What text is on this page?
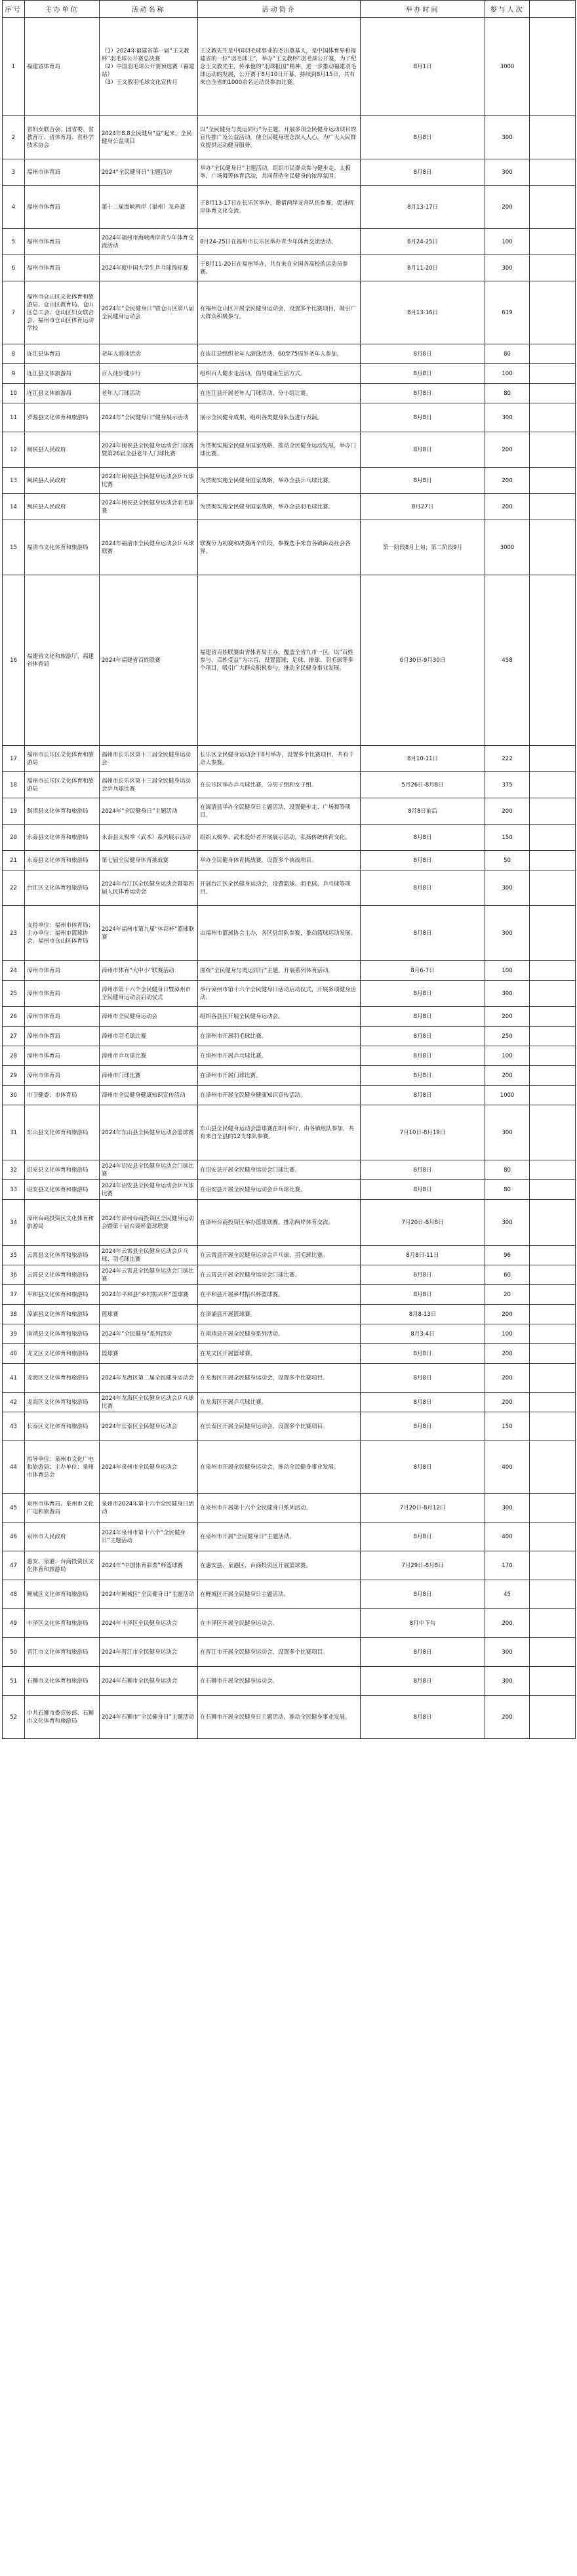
序号	主办单位	活动名称	活动简介	举办时间	参与人次	
1	福建省体育局	（1）2024年福建省第一届“王文教杯”羽毛球公开赛总决赛
（2）中国羽毛球公开赛预选赛（福建站）
（3）王文教羽毛球文化宣传月	王文教先生是中国羽毛球事业的杰出奠基人，是中国体育界和福建省的一位“羽毛球王”，举办“王文教杯”羽毛球公开赛，为了纪念王文教先生，传承他的“羽球报国”精神，进一步推动福建羽毛球运动的发展，公开赛于8月10日开幕，持续到8月15日，共有来自全省的1000余名运动员参加比赛。	8月1日	3000	
2	省妇女联合会、团省委、省教育厅、省体育局、省科学技术协会	2024年8.8全民健身“益”起来，全民健身公益项目	以“全民健身与奥运同行”为主题，开展多项全民健身运动项目的宣传推广及公益活动，使全民健身理念深入人心，为广大人民群众提供运动健身服务。	8月8日	300	
3	福州市体育局	2024“全民健身日”主题活动	举办“全民健身日”主题活动，组织市民群众参与健步走、太极拳、广场舞等体育活动，共同营造全民健身的浓厚氛围。	8月8日	300	
4	福州市体育局	第十二届海峡两岸（福州）龙舟赛	于8月13-17日在长乐区举办，邀请两岸龙舟队伍参赛，促进两岸体育文化交流。	8月13-17日	200	
5	福州市体育局	2024年福州市海峡两岸青少年体育交流活动	8月24-25日在福州市长乐区举办青少年体育交流活动。	8月24-25日	100	
6	福州市体育局	2024年度中国大学生乒乓球锦标赛	于8月11-20日在福州举办，共有来自全国各高校的运动员参赛。	8月11-20日	300	
7	福州市仓山区文化体育和旅游局、仓山区教育局、仓山区总工会、仓山区妇女联合会、福州市仓山区体育运动学校	2024年“全民健身日”暨仓山区第八届全民健身运动会	在福州仓山区开展全民健身运动会，设置多个比赛项目，吸引广大群众积极参与。	8月13-16日	619	
8	连江县体育局	老年人游泳活动	在连江县组织老年人游泳活动，60至75周岁老年人参加。	8月8日	80	
9	连江县文体旅游局	百人徒步健步行	组织百人健步走活动，倡导健康生活方式。	8月8日	100	
10	连江县文体旅游局	老年人门球活动	在连江县开展老年人门球活动，分小组比赛。	8月8日	80	
11	罗源县文化体育和旅游局	2024年“全民健身日”健身展示活动	展示全民健身成果，组织各类健身队伍进行表演。	8月8日	300	
12	闽侯县人民政府	2024年闽侯县全民健身运动会门球赛暨第26届全县老年人门球比赛	为贯彻实施全民健身国家战略，推动全民健身运动发展，举办门球比赛。	8月8日	200	
13	闽侯县人民政府	2024年闽侯县全民健身运动会乒乓球比赛	为贯彻实施全民健身国家战略，举办全县乒乓球比赛。	8月8日	200	
14	闽侯县人民政府	2024年闽侯县全民健身运动会羽毛球赛	为贯彻实施全民健身国家战略，举办全县羽毛球比赛。	8月27日	200	
15	福清市文化体育和旅游局	2024年福清市全民健身运动会乒乓球联赛	联赛分为初赛和决赛两个阶段，参赛选手来自各镇街及社会各界。	第一阶段8月上旬；第二阶段9月	3000	
16	福建省文化和旅游厅、福建省体育局	2024年福建省百姓联赛	福建省百姓联赛由省体育局主办，覆盖全省九市一区，以“百姓参与、百姓受益”为宗旨，设置篮球、足球、排球、羽毛球等多个项目，吸引广大群众积极参与，推动全民健身事业发展。	6月30日-9月30日	458	
17	福州市长乐区文化体育和旅游局	福州市长乐区第十三届全民健身运动会	长乐区全民健身运动会于8月举办，设置多个比赛项目，共有千余人参赛。	8月10-11日	222	
18	福州市长乐区文化体育和旅游局	福州市长乐区第十三届全民健身运动会乒乓球比赛	在长乐区举办乒乓球比赛，分男子组和女子组。	5月26日-8月8日	375	
19	闽清县文化体育和旅游局	2024年“全民健身日”主题活动	在闽清县举办全民健身日主题活动，设置健步走、广场舞等项目。	8月8日前后	200	
20	永泰县文化体育和旅游局	永泰县太极拳（武术）系列展示活动	组织太极拳、武术爱好者开展展示活动，弘扬传统体育文化。	8月8日	150	
21	永泰县文化体育和旅游局	第七届全民健身体育挑战赛	举办全民健身体育挑战赛，设置多个挑战项目。	8月8日	50	
22	台江区文化体育和旅游局	2024年台江区全民健身运动会暨第四届人民体育运动会	开展台江区全民健身运动会，设置篮球、羽毛球、乒乓球等项目。	8月8日	300	
23	支持单位：福州市体育局；主办单位：福州市篮球协会、福州市仓山区体育局	2024年福州市第九届“体彩杯”篮球联赛	由福州市篮球协会主办，各区县组队参赛，推动篮球运动发展。	8月8日	300	
24	漳州市体育局	漳州市体育“大中小”联赛活动	围绕“全民健身与奥运同行”主题，开展系列体育活动。	8月6-7日	100	
25	漳州市体育局	漳州市第十六个全民健身日暨漳州市全民健身运动会启动仪式	举行漳州市第十六个全民健身日活动启动仪式，开展多项健身活动。	8月8日	300	
26	漳州市体育局	漳州市全民健身运动会	组织各县区开展全民健身运动会。	8月8日	200	
27	漳州市体育局	漳州市羽毛球比赛	在漳州市开展羽毛球比赛。	8月8日	250	
28	漳州市体育局	漳州市乒乓球比赛	在漳州市开展乒乓球比赛。	8月8日	100	
29	漳州市体育局	漳州市门球比赛	在漳州市开展门球比赛。	8月8日	200	
30	市卫健委、市体育局	漳州市全民健身健康知识宣传活动	在漳州市开展全民健身健康知识宣传活动。	8月8日	1000	
31	东山县文化体育和旅游局	2024年东山县全民健身运动会篮球赛	东山县全民健身运动会篮球赛在8月举行，由各镇组队参加，共有来自全县的12支球队参赛。	7月10日-8月19日	300	
32	诏安县文化体育和旅游局	2024年诏安县全民健身运动会门球比赛	在诏安县开展全民健身运动会门球比赛。	8月8日	80	
33	诏安县文化体育和旅游局	2024年诏安县全民健身运动会乒乓球比赛	在诏安县开展全民健身运动会乒乓球比赛。	8月8日	80	
34	漳州台商投资区文化体育和旅游局	2024年漳州台商投资区全民健身运动会暨第十届台商杯篮球联赛	在漳州台商投资区举办篮球联赛，推动两岸体育交流。	7月20日-8月8日	300	
35	云霄县文化体育和旅游局	2024年云霄县全民健身运动会乒乓球、羽毛球比赛	在云霄县开展全民健身运动会乒乓球、羽毛球比赛。	8月8日-11日	96	
36	云霄县文化体育和旅游局	2024年云霄县全民健身运动会门球比赛	在云霄县开展全民健身运动会门球比赛。	8月8日	60	
37	平和县文化体育和旅游局	2024年平和县“乡村振兴杯”篮球赛	在平和县开展乡村振兴杯篮球赛。	8月8日	20	
38	漳浦县文化体育和旅游局	篮球赛	在漳浦县开展篮球赛。	8月8-13日	200	
39	南靖县文化体育和旅游局	2024年“全民健身”系列活动	在南靖县开展全民健身系列活动。	8月3-4日	100	
40	龙文区文化体育和旅游局	篮球赛	在龙文区开展篮球赛。	8月8日	200	
41	龙海区文化体育和旅游局	2024年龙海区第二届全民健身运动会	在龙海区开展全民健身运动会，设置多个比赛项目。	8月8日	200	
42	龙海区文化体育和旅游局	2024年龙海区全民健身运动会乒乓球比赛	在龙海区开展乒乓球比赛。	8月8日	200	
43	长泰区文化体育和旅游局	2024年长泰区全民健身运动会	在长泰区开展全民健身运动会，设置多个比赛项目。	8月8日	150	
44	指导单位：泉州市文化广电和旅游局；主办单位：泉州市体育总会	2024年泉州市全民健身运动会	在泉州市开展全民健身运动会，推动全民健身事业发展。	8月8日	400	
45	泉州市体育局、泉州市文化广电和旅游局	泉州市2024年第十六个全民健身日活动	在泉州市开展第十六个全民健身日系列活动。	7月20日-8月12日	300	
46	泉州市人民政府	2024年泉州市第十六个“全民健身日”主题活动	在泉州市开展“全民健身日”主题活动。	8月8日	400	
47	惠安、泉港、台商投资区文化体育和旅游局	2024年“中国体育彩票”杯篮球赛	在惠安县、泉港区、台商投资区开展篮球赛。	7月29日-8月8日	170	
48	鲤城区文化体育和旅游局	2024年鲤城区“全民健身日”主题活动	在鲤城区开展全民健身日主题活动。	8月8日	45	
49	丰泽区文化体育和旅游局	2024年丰泽区全民健身运动会	在丰泽区开展全民健身运动会。	8月中下旬	200	
50	晋江市文化体育和旅游局	2024年晋江市全民健身运动会	在晋江市开展全民健身运动会，设置多个比赛项目。	8月8日	300	
51	石狮市文化体育和旅游局	2024年石狮市全民健身运动会	在石狮市开展全民健身运动会。	8月8日	300	
52	中共石狮市委宣传部、石狮市文化体育和旅游局	2024年石狮市“全民健身日”主题活动	在石狮市开展全民健身日主题活动，推动全民健身事业发展。	8月8日	200	
